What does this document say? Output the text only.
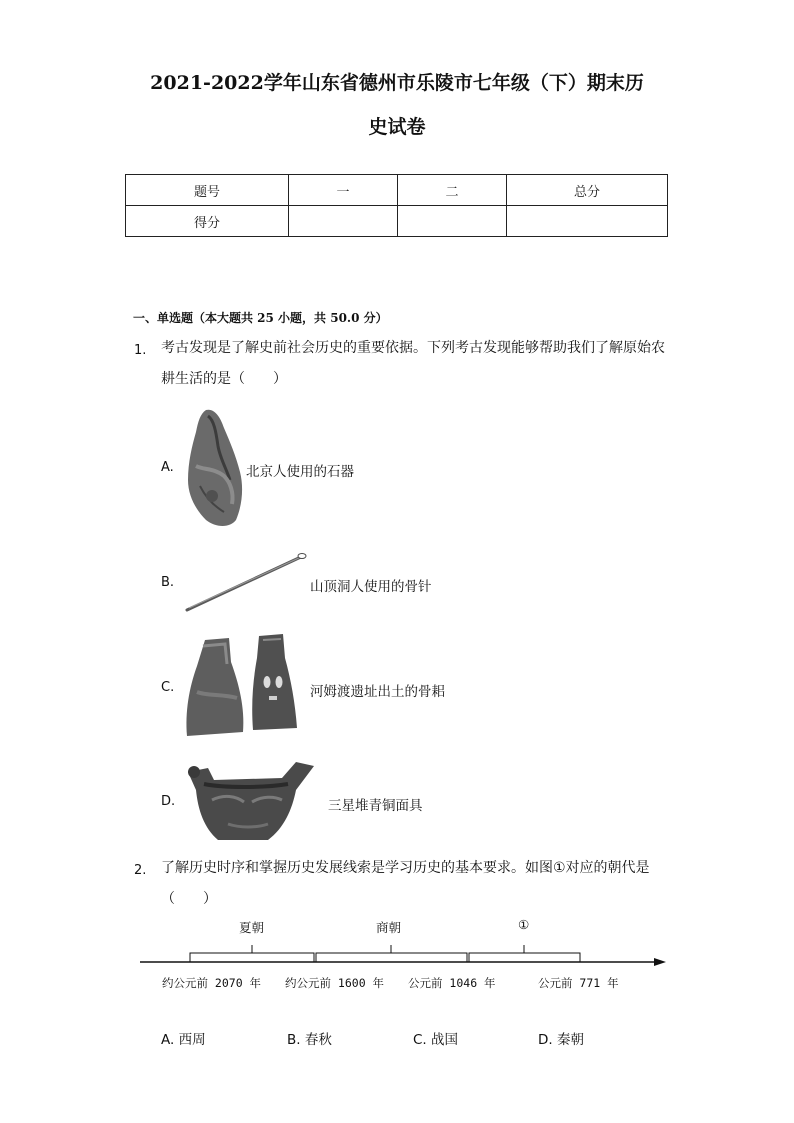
2021-2022学年山东省德州市乐陵市七年级（下）期末历
史试卷
题号	一	二	总分
得分			
一、单选题（本大题共 25 小题，共 50.0 分）
1. 考古发现是了解史前社会历史的重要依据。下列考古发现能够帮助我们了解原始农
耕生活的是（　　）
A.	北京人使用的石器
B.	山顶洞人使用的骨针
C.	河姆渡遗址出土的骨耜
D.	三星堆青铜面具
2. 了解历史时序和掌握历史发展线索是学习历史的基本要求。如图①对应的朝代是
（　　）
夏朝	商朝	①
约公元前 2070 年 约公元前 1600 年 公元前 1046 年	公元前 771 年
A. 西周	B. 春秋	C. 战国	D. 秦朝
